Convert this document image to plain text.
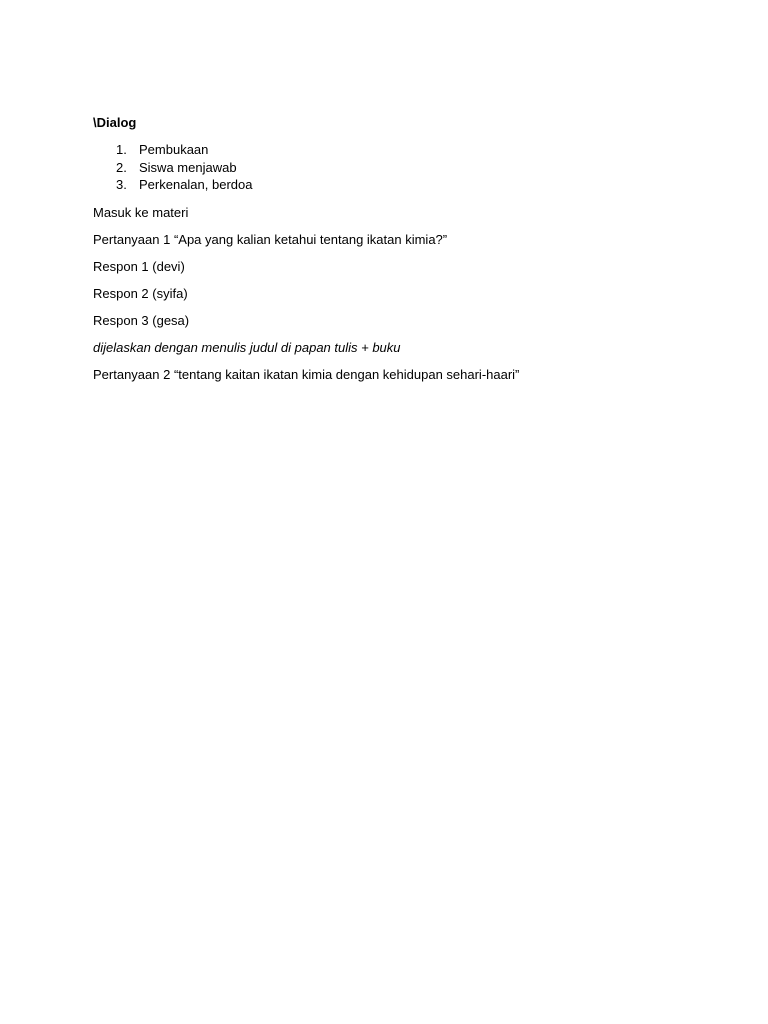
\Dialog
1. Pembukaan
2. Siswa menjawab
3. Perkenalan, berdoa

Masuk ke materi

Pertanyaan 1 “Apa yang kalian ketahui tentang ikatan kimia?”

Respon 1 (devi)

Respon 2 (syifa)

Respon 3 (gesa)

dijelaskan dengan menulis judul di papan tulis + buku

Pertanyaan 2 “tentang kaitan ikatan kimia dengan kehidupan sehari-haari”
